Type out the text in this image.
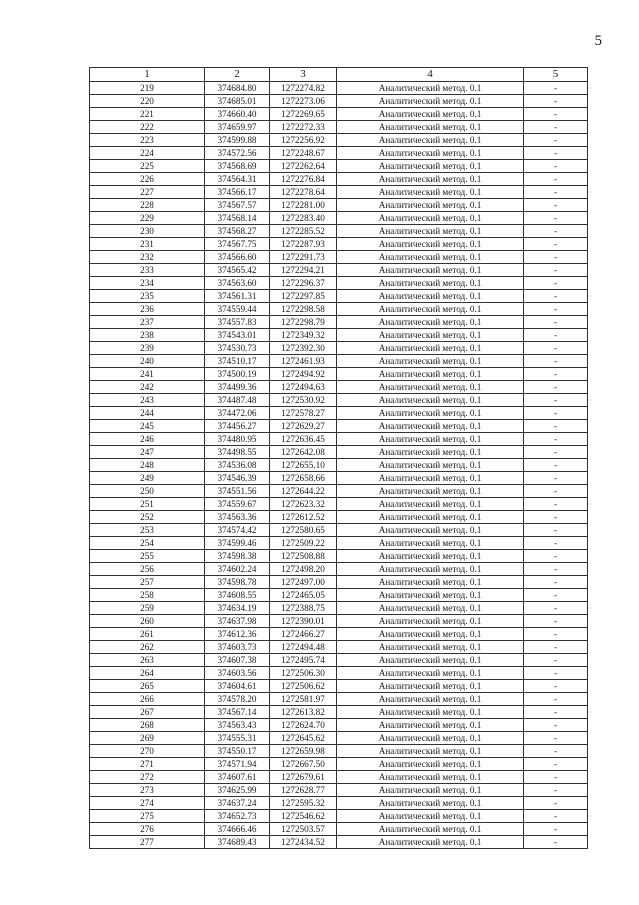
5
1	2	3	4	5
219	374684.80	1272274.82	Аналитический метод. 0.1	-
220	374685.01	1272273.06	Аналитический метод. 0.1	-
221	374660.40	1272269.65	Аналитический метод. 0.1	-
222	374659.97	1272272.33	Аналитический метод. 0.1	-
223	374599.88	1272256.92	Аналитический метод. 0.1	-
224	374572.56	1272248.67	Аналитический метод. 0.1	-
225	374568.69	1272262.64	Аналитический метод. 0.1	-
226	374564.31	1272276.84	Аналитический метод. 0.1	-
227	374566.17	1272278.64	Аналитический метод. 0.1	-
228	374567.57	1272281.00	Аналитический метод. 0.1	-
229	374568.14	1272283.40	Аналитический метод. 0.1	-
230	374568.27	1272285.52	Аналитический метод. 0.1	-
231	374567.75	1272287.93	Аналитический метод. 0.1	-
232	374566.60	1272291.73	Аналитический метод. 0.1	-
233	374565.42	1272294.21	Аналитический метод. 0.1	-
234	374563.60	1272296.37	Аналитический метод. 0.1	-
235	374561.31	1272297.85	Аналитический метод. 0.1	-
236	374559.44	1272298.58	Аналитический метод. 0.1	-
237	374557.83	1272298.79	Аналитический метод. 0.1	-
238	374543.01	1272349.32	Аналитический метод. 0.1	-
239	374530.73	1272392.30	Аналитический метод. 0.1	-
240	374510.17	1272461.93	Аналитический метод. 0.1	-
241	374500.19	1272494.92	Аналитический метод. 0.1	-
242	374499.36	1272494.63	Аналитический метод. 0.1	-
243	374487.48	1272530.92	Аналитический метод. 0.1	-
244	374472.06	1272578.27	Аналитический метод. 0.1	-
245	374456.27	1272629.27	Аналитический метод. 0.1	-
246	374480.95	1272636.45	Аналитический метод. 0.1	-
247	374498.55	1272642.08	Аналитический метод. 0.1	-
248	374536.08	1272655.10	Аналитический метод. 0.1	-
249	374546.39	1272658.66	Аналитический метод. 0.1	-
250	374551.56	1272644.22	Аналитический метод. 0.1	-
251	374559.67	1272623.32	Аналитический метод. 0.1	-
252	374563.36	1272612.52	Аналитический метод. 0.1	-
253	374574.42	1272580.65	Аналитический метод. 0.1	-
254	374599.46	1272509.22	Аналитический метод. 0.1	-
255	374598.38	1272508.88	Аналитический метод. 0.1	-
256	374602.24	1272498.20	Аналитический метод. 0.1	-
257	374598.78	1272497.00	Аналитический метод. 0.1	-
258	374608.55	1272465.05	Аналитический метод. 0.1	-
259	374634.19	1272388.75	Аналитический метод. 0.1	-
260	374637.98	1272390.01	Аналитический метод. 0.1	-
261	374612.36	1272466.27	Аналитический метод. 0.1	-
262	374603.73	1272494.48	Аналитический метод. 0.1	-
263	374607.38	1272495.74	Аналитический метод. 0.1	-
264	374603.56	1272506.30	Аналитический метод. 0.1	-
265	374604.61	1272506.62	Аналитический метод. 0.1	-
266	374578.20	1272581.97	Аналитический метод. 0.1	-
267	374567.14	1272613.82	Аналитический метод. 0.1	-
268	374563.43	1272624.70	Аналитический метод. 0.1	-
269	374555.31	1272645.62	Аналитический метод. 0.1	-
270	374550.17	1272659.98	Аналитический метод. 0.1	-
271	374571.94	1272667.50	Аналитический метод. 0.1	-
272	374607.61	1272679.61	Аналитический метод. 0.1	-
273	374625.99	1272628.77	Аналитический метод. 0.1	-
274	374637.24	1272595.32	Аналитический метод. 0.1	-
275	374652.73	1272546.62	Аналитический метод. 0.1	-
276	374666.46	1272503.57	Аналитический метод. 0.1	-
277	374689.43	1272434.52	Аналитический метод. 0.1	-
